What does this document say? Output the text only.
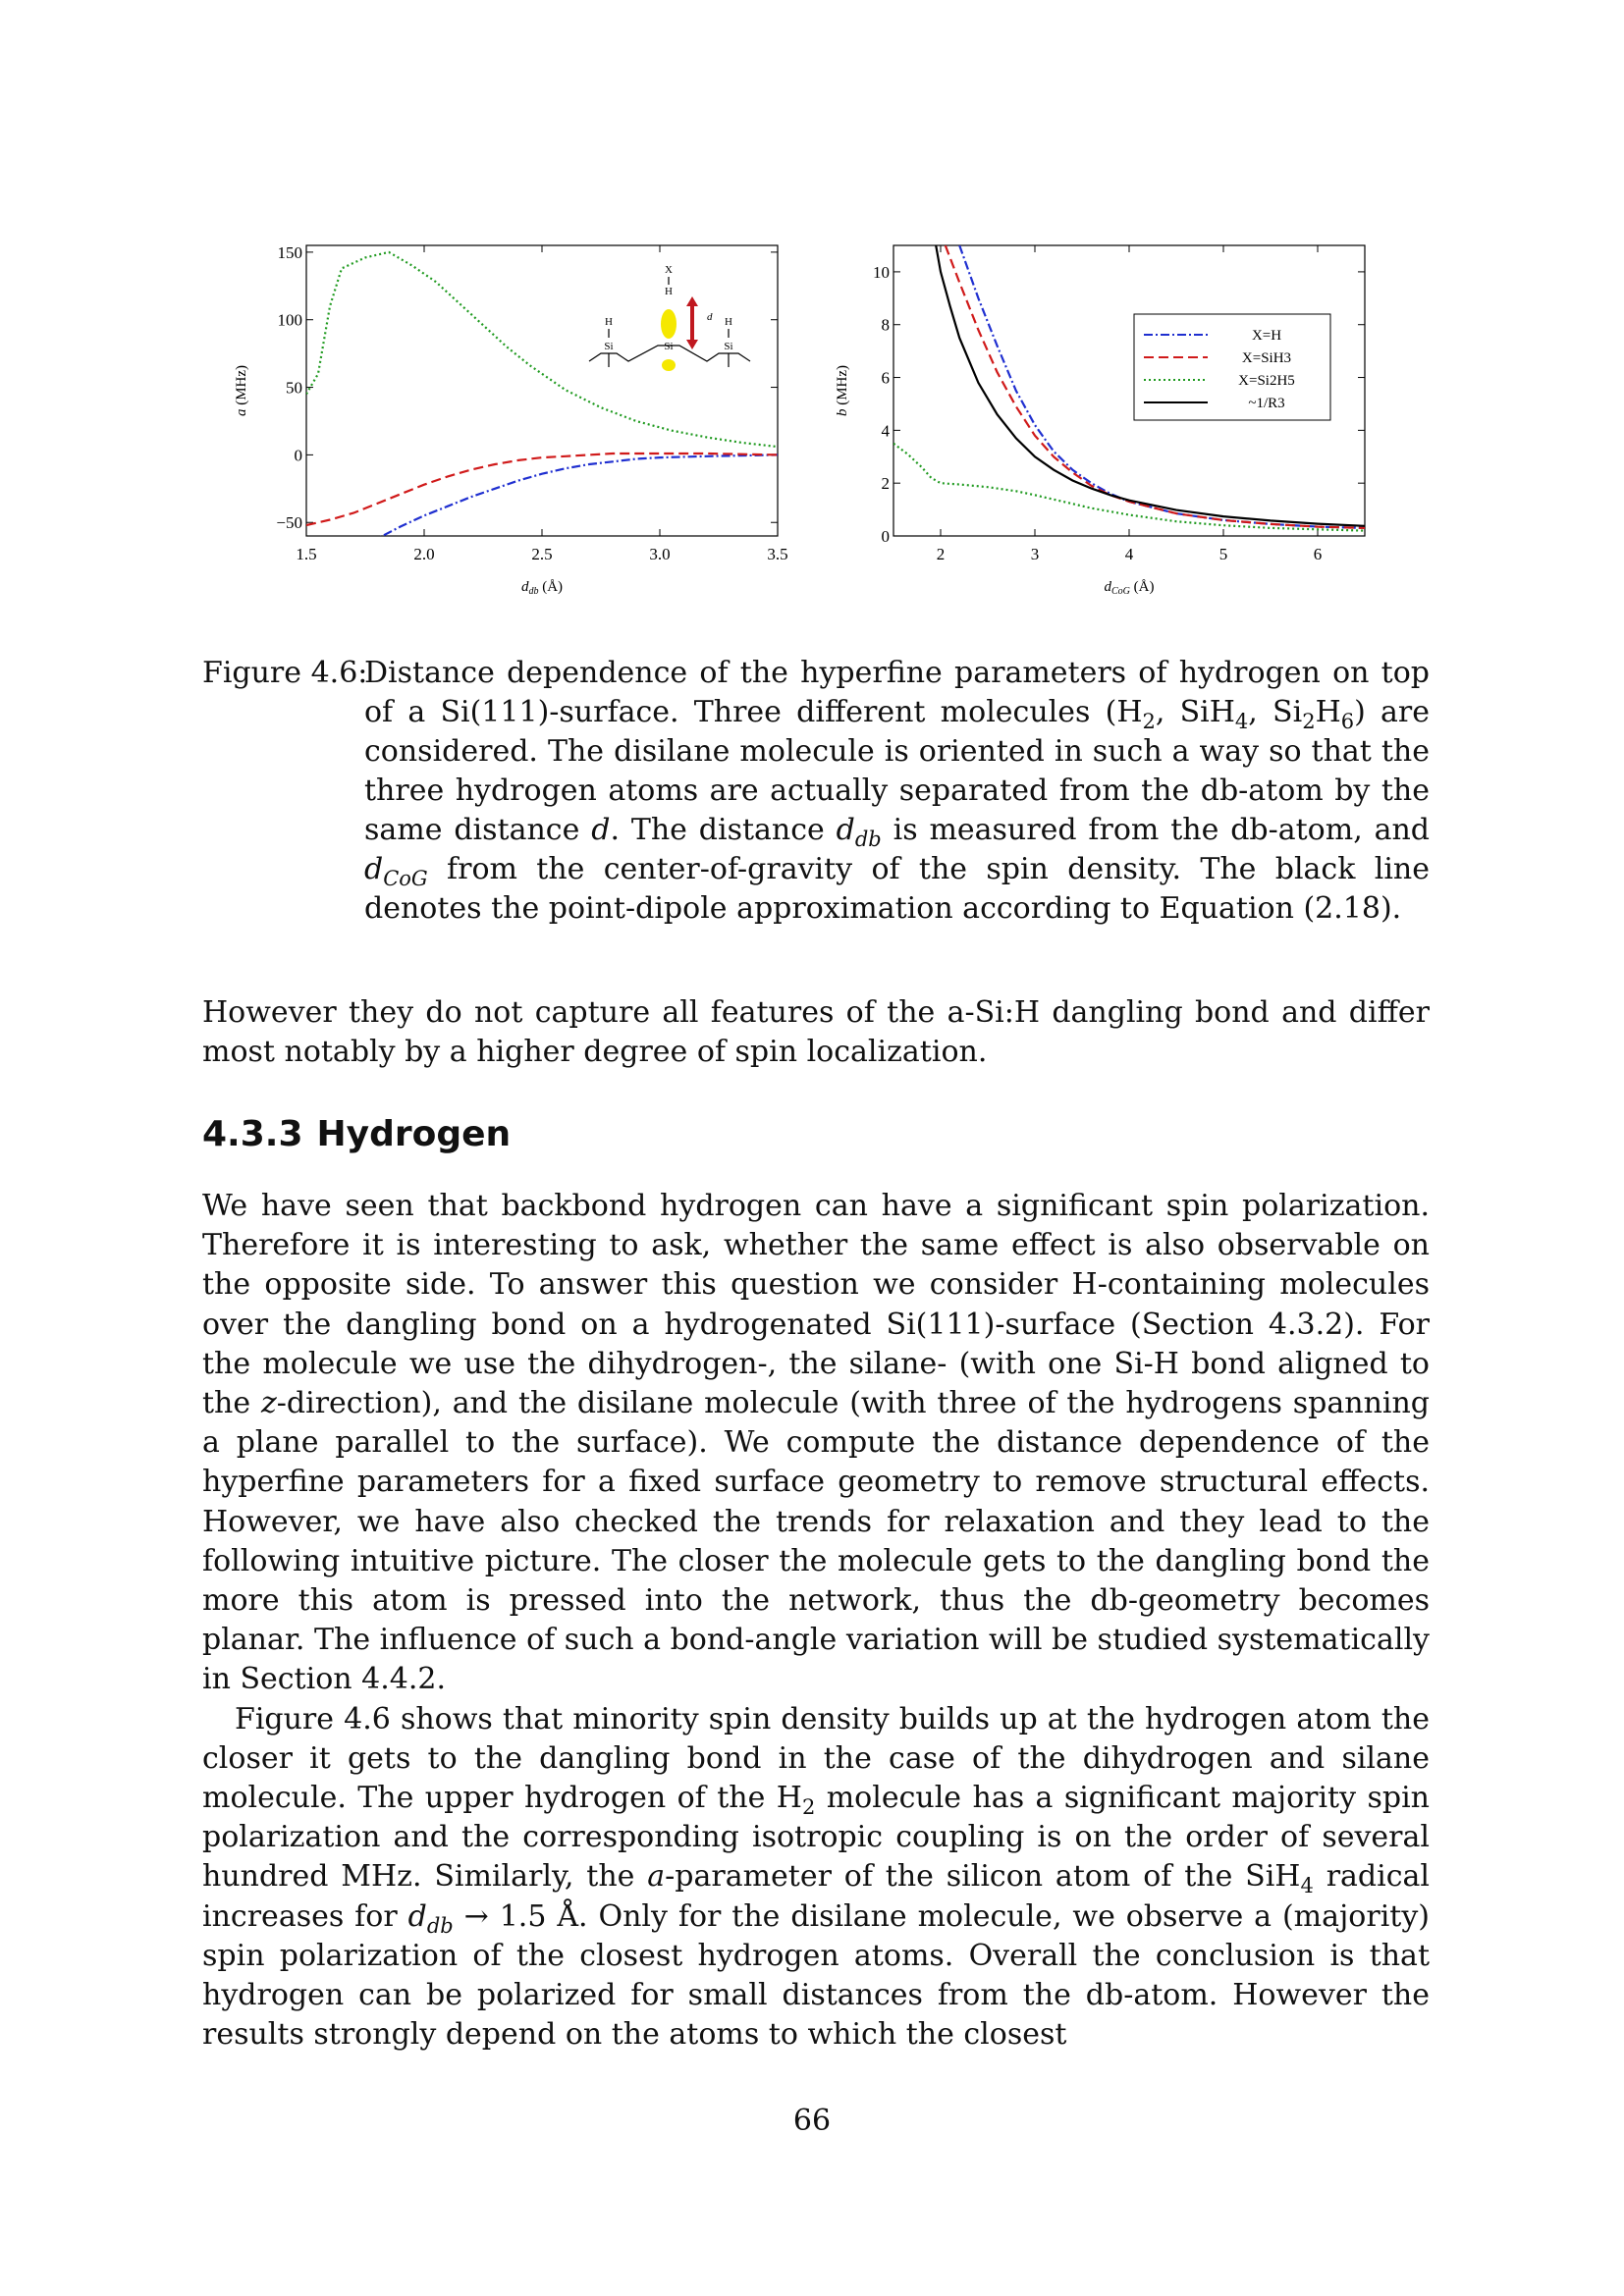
1.5	2.0	2.5	3.0	3.5
−50
0
50
100
150
X
H
H
Si	Si
H
Si
d
$d_{db}$ (Å)
a (MHz)
2	3	4	5	6
0
2
4
6
8
10
X=H
X=SiH3
X=Si2H5
~1/R3
$d_{CoG}$ (Å)
b (MHz)
Figure 4.6:
Distance dependence of the hyperfine parameters of hydrogen on top of a Si(111)-surface. Three different molecules ($H_2$, SiH$_4$, $Si_2H_6$) are considered. The disilane molecule is oriented in such a way so that the three hydrogen atoms are actually separated from the db-atom by the same distance d. The distance $d_{db}$ is measured from the db-atom, and $d_{CoG}$ from the center-of-gravity of the spin density. The black line denotes the point-dipole approximation according to Equation (2.18).

However they do not capture all features of the a-Si:H dangling bond and differ most notably by a higher degree of spin localization.

4.3.3 Hydrogen

We have seen that backbond hydrogen can have a significant spin polarization. Therefore it is interesting to ask, whether the same effect is also observable on the opposite side. To answer this question we consider H-containing molecules over the dangling bond on a hydrogenated Si(111)-surface (Section 4.3.2). For the molecule we use the dihydrogen-, the silane- (with one Si-H bond aligned to the z-direction), and the disilane molecule (with three of the hydrogens spanning a plane parallel to the surface). We compute the distance dependence of the hyperfine parameters for a fixed surface geometry to remove structural effects. However, we have also checked the trends for relaxation and they lead to the following intuitive picture. The closer the molecule gets to the dangling bond the more this atom is pressed into the network, thus the db-geometry becomes planar. The influence of such a bond-angle variation will be studied systematically in Section 4.4.2.

Figure 4.6 shows that minority spin density builds up at the hydrogen atom the closer it gets to the dangling bond in the case of the dihydrogen and silane molecule. The upper hydrogen of the $H_2$ molecule has a significant majority spin polarization and the corresponding isotropic coupling is on the order of several hundred MHz. Similarly, the a-parameter of the silicon atom of the SiH$_4$ radical increases for $d_{db} \to 1.5$ Å. Only for the disilane molecule, we observe a (majority) spin polarization of the closest hydrogen atoms. Overall the conclusion is that hydrogen can be polarized for small distances from the db-atom. However the results strongly depend on the atoms to which the closest

66
